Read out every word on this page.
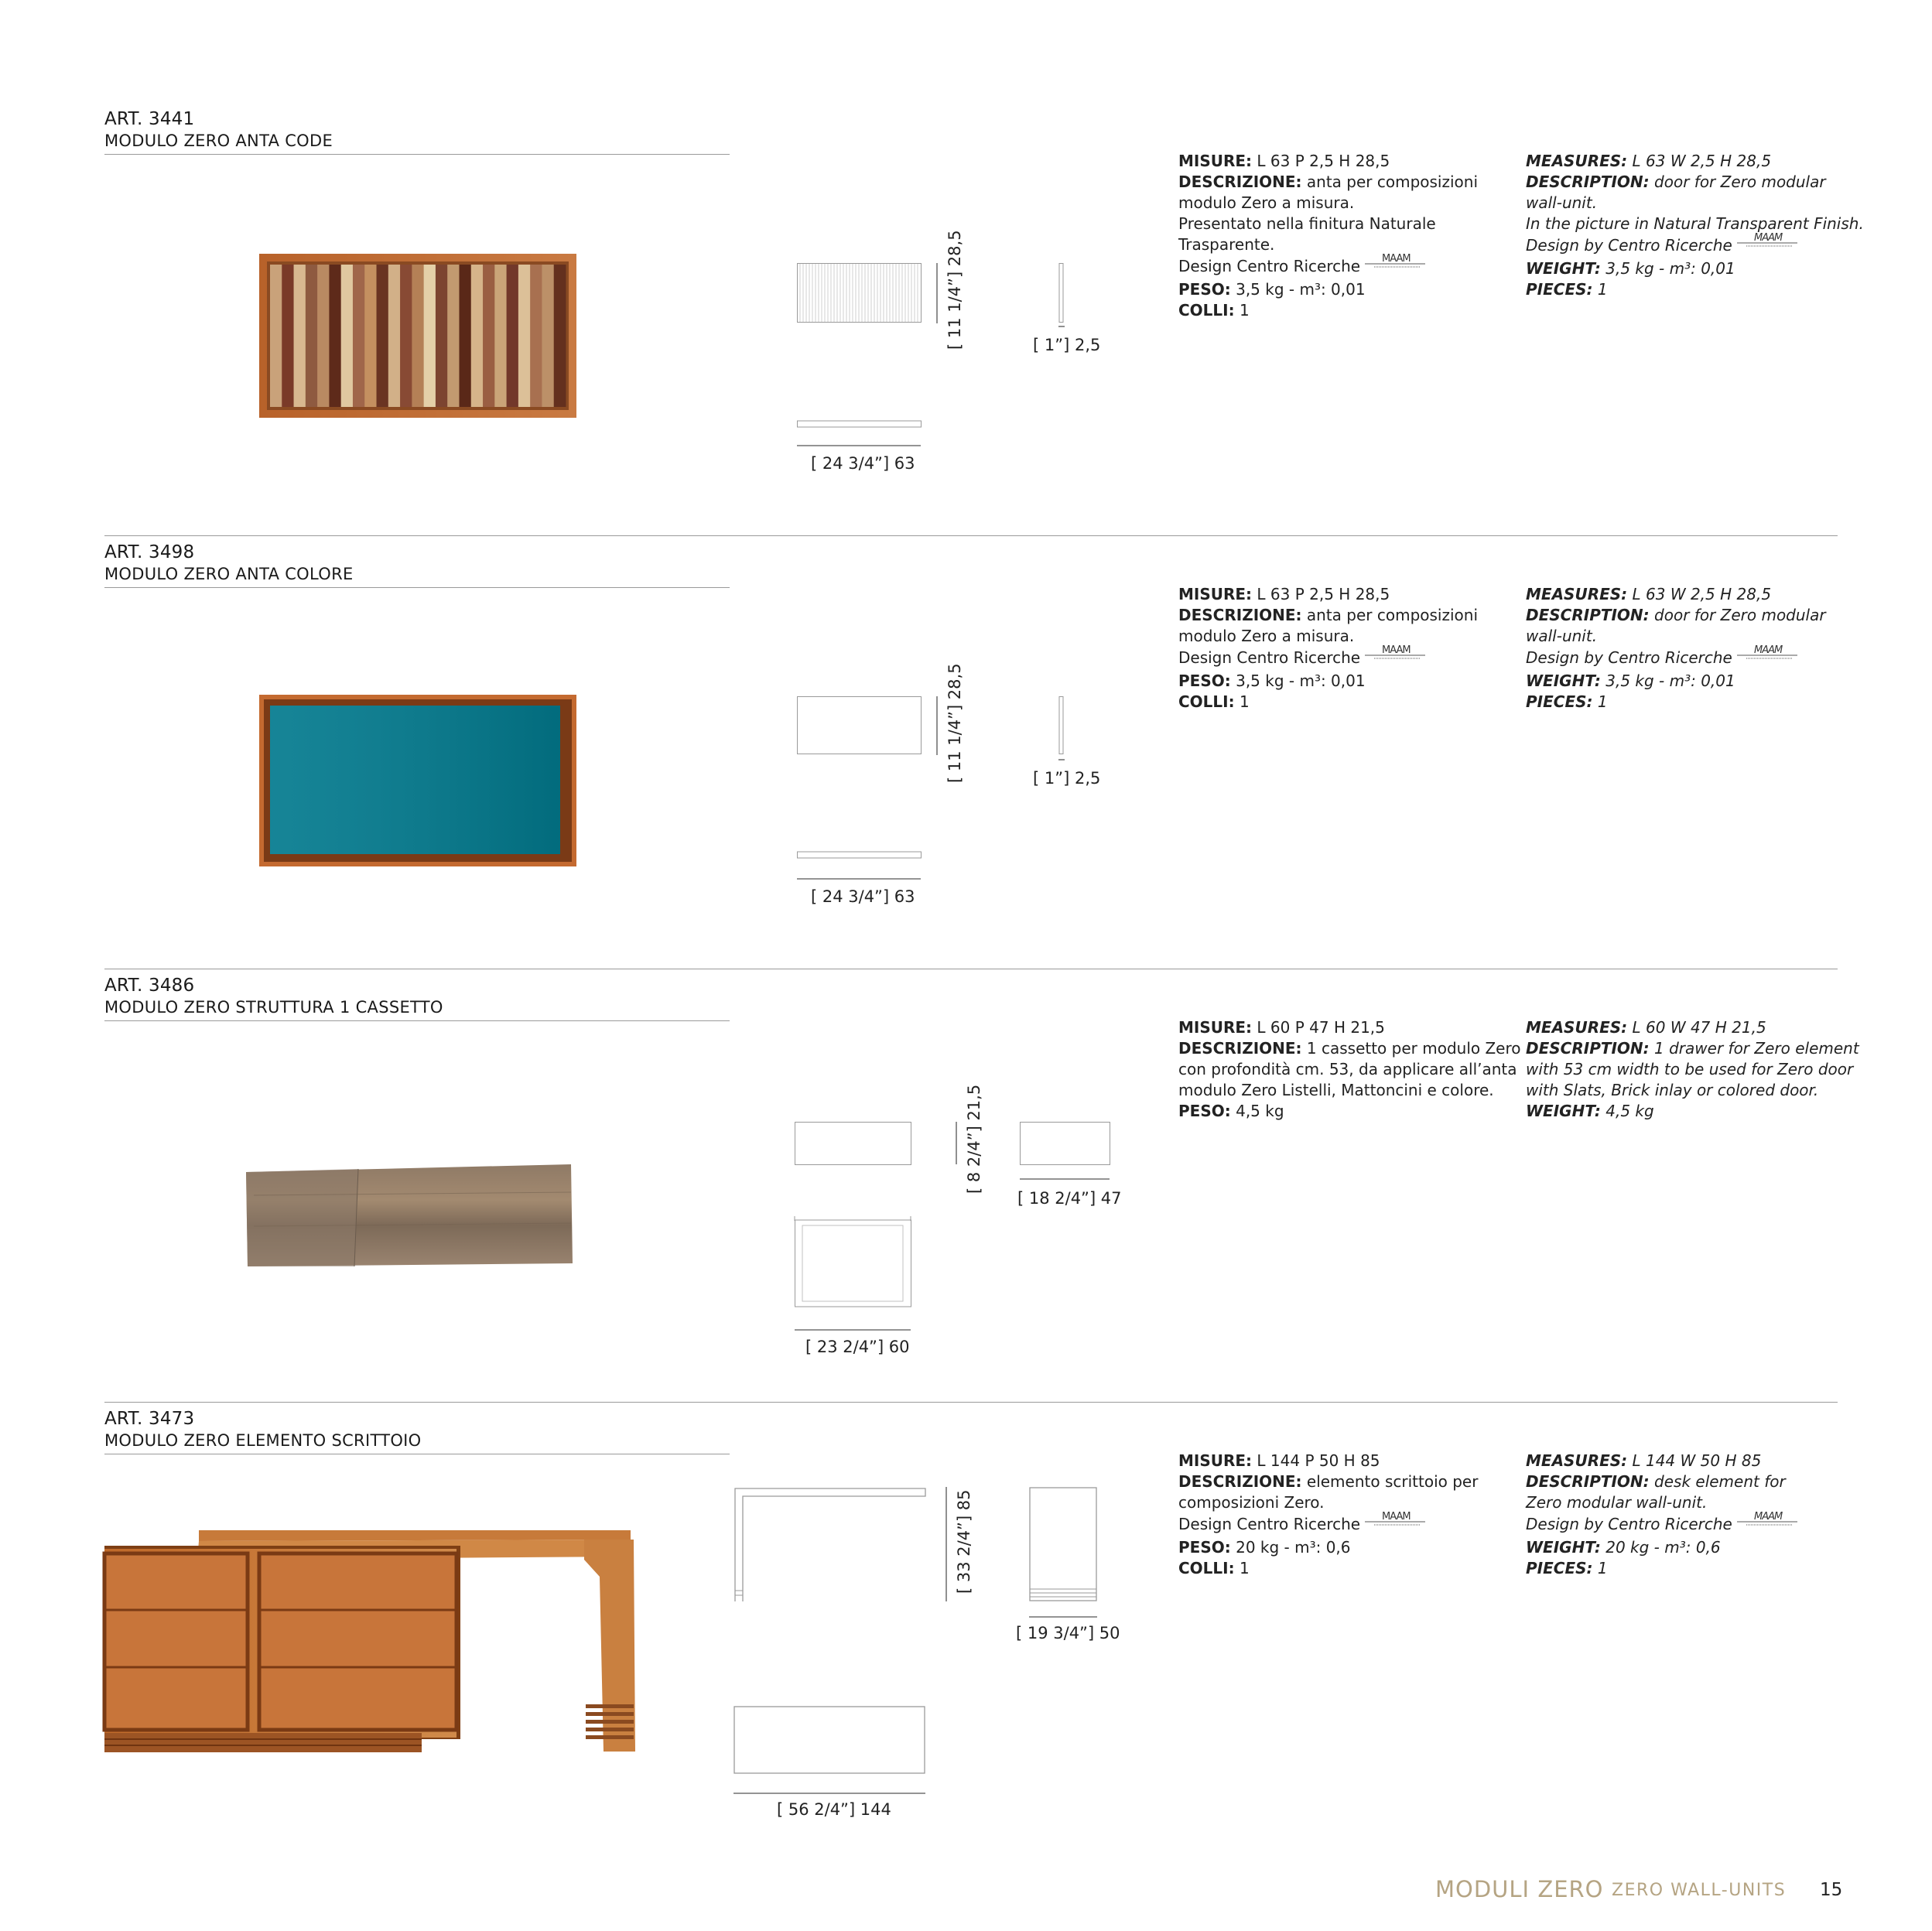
ART. 3441
MODULO ZERO ANTA CODE
[ 24 3/4”] 63
[ 11 1/4”] 28,5	[ 1”] 2,5
MISURE: L 63 P 2,5 H 28,5
DESCRIZIONE: anta per composizioni
modulo Zero a misura.
Presentato nella finitura Naturale
Trasparente.
Design Centro Ricerche MAAM
PESO: 3,5 kg - m³: 0,01
COLLI: 1
MEASURES: L 63 W 2,5 H 28,5
DESCRIPTION: door for Zero modular
wall-unit.
In the picture in Natural Transparent Finish.
Design by Centro Ricerche MAAM
WEIGHT: 3,5 kg - m³: 0,01
PIECES: 1
ART. 3498
MODULO ZERO ANTA COLORE
[ 24 3/4”] 63
[ 11 1/4”] 28,5	[ 1”] 2,5
MISURE: L 63 P 2,5 H 28,5
DESCRIZIONE: anta per composizioni
modulo Zero a misura.
Design Centro Ricerche MAAM
PESO: 3,5 kg - m³: 0,01
COLLI: 1
MEASURES: L 63 W 2,5 H 28,5
DESCRIPTION: door for Zero modular
wall-unit.
Design by Centro Ricerche MAAM
WEIGHT: 3,5 kg - m³: 0,01
PIECES: 1
ART. 3486
MODULO ZERO STRUTTURA 1 CASSETTO
[ 23 2/4”] 60
[ 8 2/4”] 21,5
[ 18 2/4”] 47
MISURE: L 60 P 47 H 21,5
DESCRIZIONE: 1 cassetto per modulo Zero
con profondità cm. 53, da applicare all’anta
modulo Zero Listelli, Mattoncini e colore.
PESO: 4,5 kg
MEASURES: L 60 W 47 H 21,5
DESCRIPTION: 1 drawer for Zero element
with 53 cm width to be used for Zero door
with Slats, Brick inlay or colored door.
WEIGHT: 4,5 kg
ART. 3473
MODULO ZERO ELEMENTO SCRITTOIO
[ 56 2/4”] 144
[ 33 2/4”] 85
[ 19 3/4”] 50
MISURE: L 144 P 50 H 85
DESCRIZIONE: elemento scrittoio per
composizioni Zero.
Design Centro Ricerche MAAM
PESO: 20 kg - m³: 0,6
COLLI: 1
MEASURES: L 144 W 50 H 85
DESCRIPTION: desk element for
Zero modular wall-unit.
Design by Centro Ricerche MAAM
WEIGHT: 20 kg - m³: 0,6
PIECES: 1
MODULI ZERO ZERO WALL-UNITS 15
